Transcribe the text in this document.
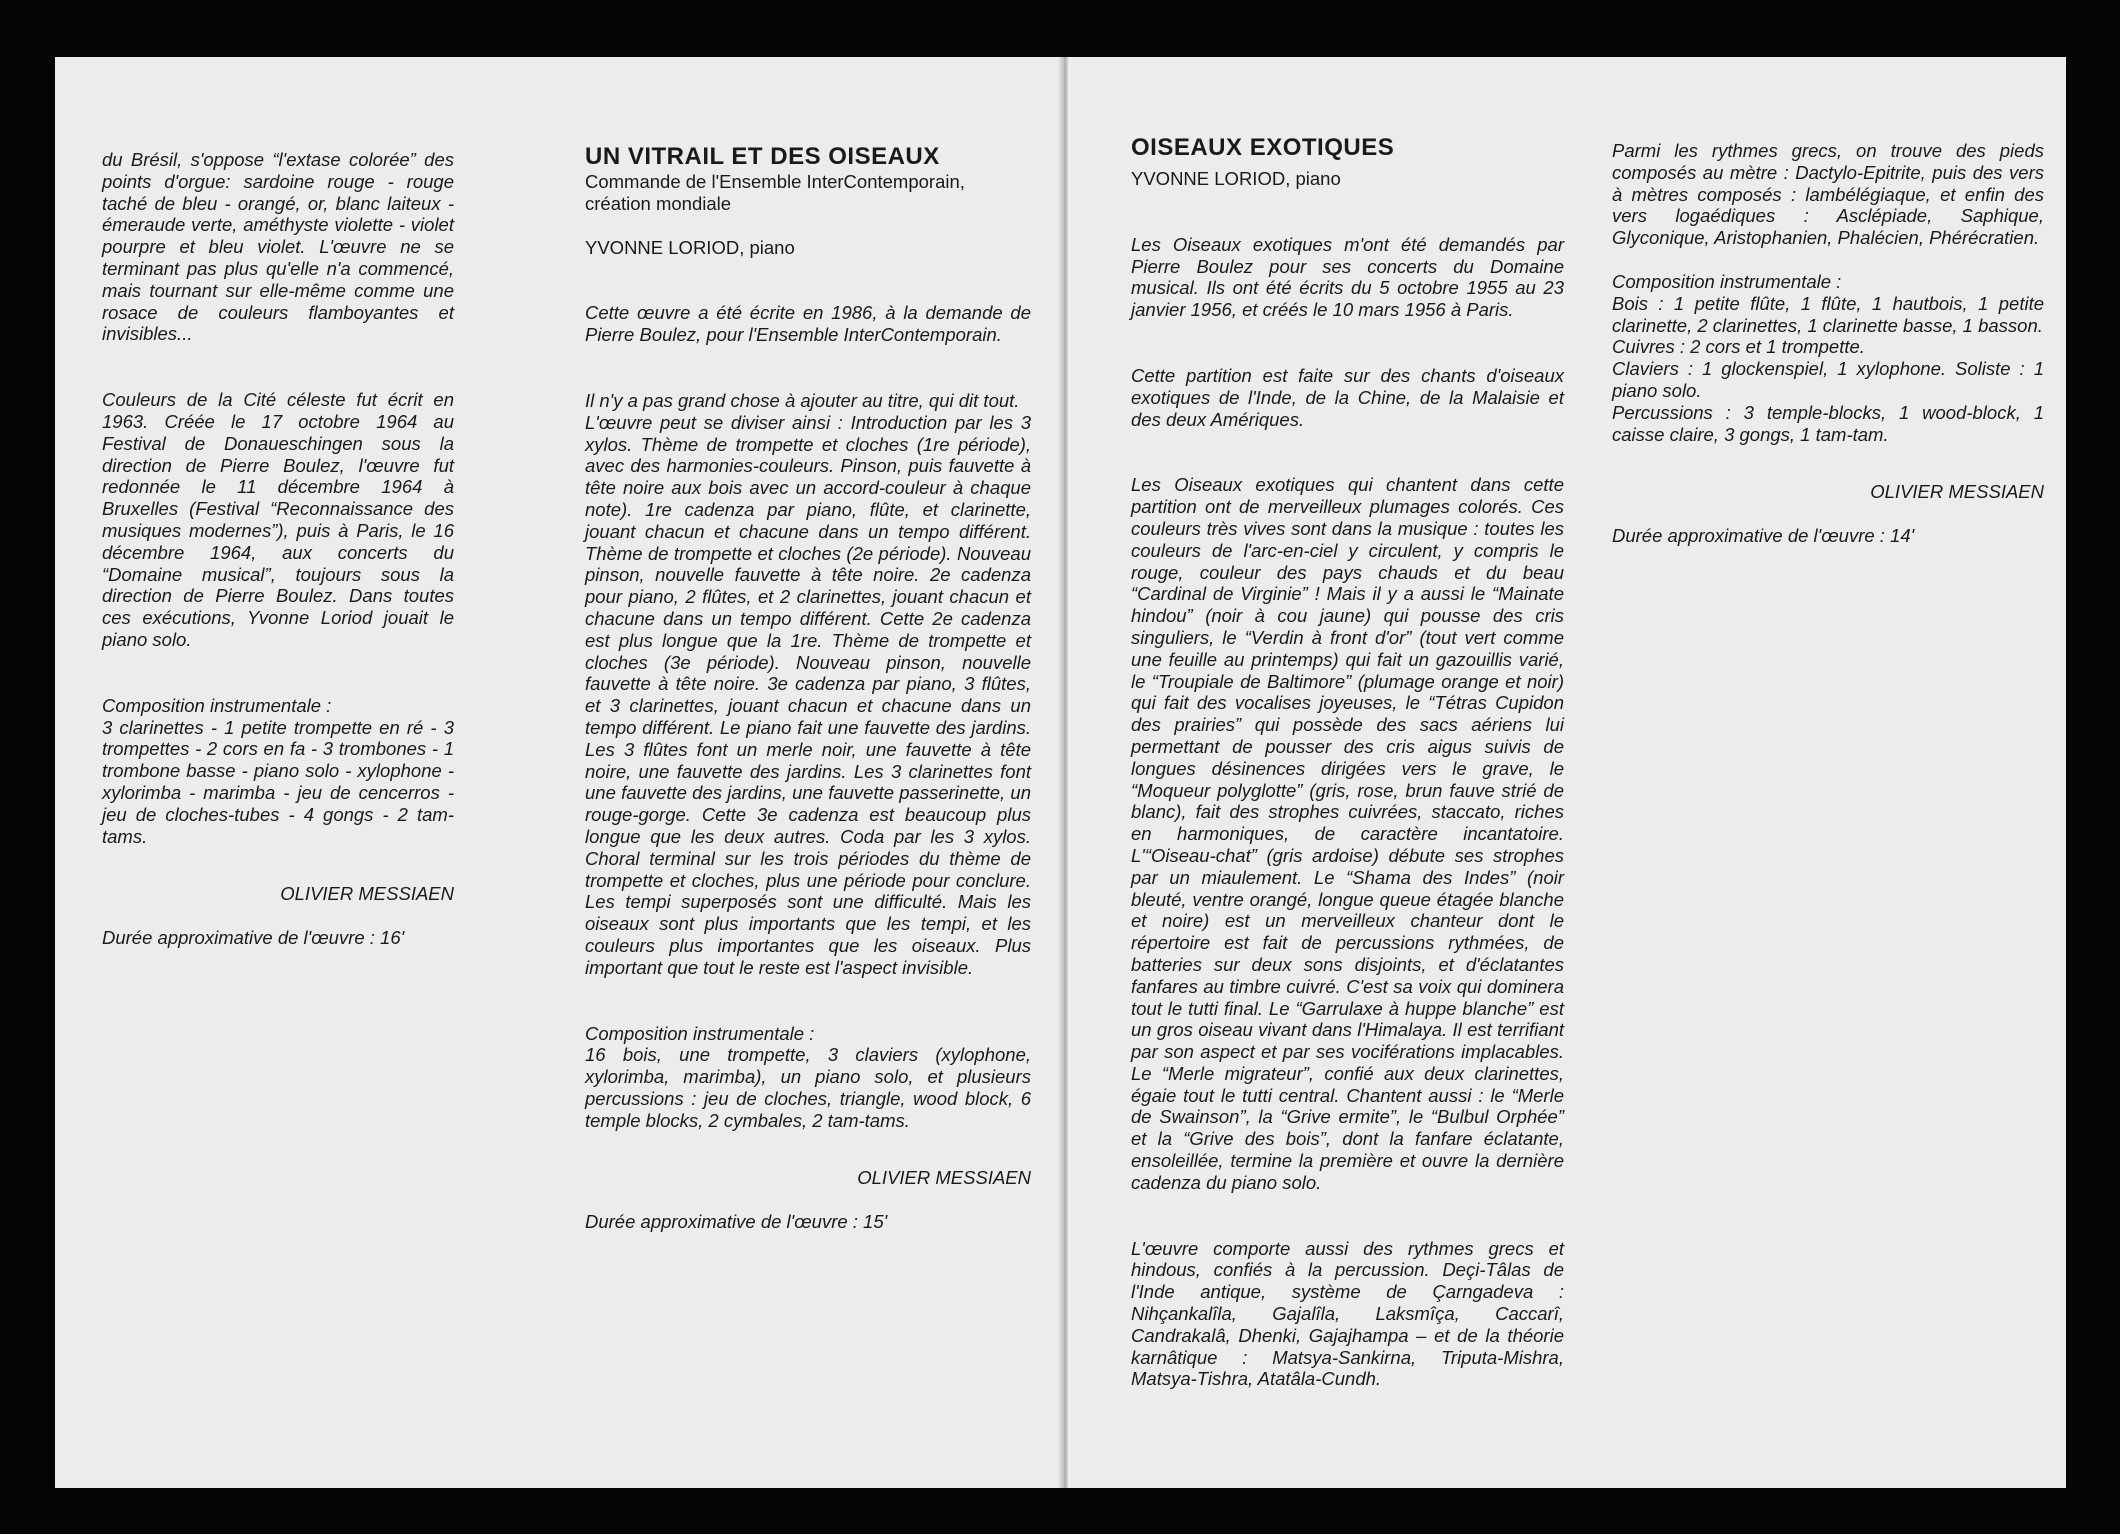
du Brésil, s'oppose “l'extase colorée” des points d'orgue: sardoine rouge - rouge taché de bleu - orangé, or, blanc laiteux - émeraude verte, améthyste violette - violet pourpre et bleu violet. L'œuvre ne se terminant pas plus qu'elle n'a commencé, mais tournant sur elle-même comme une rosace de couleurs flamboyantes et invisibles...

Couleurs de la Cité céleste fut écrit en 1963. Créée le 17 octobre 1964 au Festival de Donaueschingen sous la direction de Pierre Boulez, l'œuvre fut redonnée le 11 décembre 1964 à Bruxelles (Festival “Reconnaissance des musiques modernes”), puis à Paris, le 16 décembre 1964, aux concerts du “Domaine musical”, toujours sous la direction de Pierre Boulez. Dans toutes ces exécutions, Yvonne Loriod jouait le piano solo.

Composition instrumentale :

3 clarinettes - 1 petite trompette en ré - 3 trompettes - 2 cors en fa - 3 trombones - 1 trombone basse - piano solo - xylophone - xylorimba - marimba - jeu de cencerros - jeu de cloches-tubes - 4 gongs - 2 tam-tams.

OLIVIER MESSIAEN

Durée approximative de l'œuvre : 16'

UN VITRAIL ET DES OISEAUX

Commande de l'Ensemble InterContemporain, création mondiale

YVONNE LORIOD, piano

Cette œuvre a été écrite en 1986, à la demande de Pierre Boulez, pour l'Ensemble InterContemporain.

Il n'y a pas grand chose à ajouter au titre, qui dit tout.

L'œuvre peut se diviser ainsi : Introduction par les 3 xylos. Thème de trompette et cloches (1re période), avec des harmonies-couleurs. Pinson, puis fauvette à tête noire aux bois avec un accord-couleur à chaque note). 1re cadenza par piano, flûte, et clarinette, jouant chacun et chacune dans un tempo différent. Thème de trompette et cloches (2e période). Nouveau pinson, nouvelle fauvette à tête noire. 2e cadenza pour piano, 2 flûtes, et 2 clarinettes, jouant chacun et chacune dans un tempo différent. Cette 2e cadenza est plus longue que la 1re. Thème de trompette et cloches (3e période). Nouveau pinson, nouvelle fauvette à tête noire. 3e cadenza par piano, 3 flûtes, et 3 clarinettes, jouant chacun et chacune dans un tempo différent. Le piano fait une fauvette des jardins. Les 3 flûtes font un merle noir, une fauvette à tête noire, une fauvette des jardins. Les 3 clarinettes font une fauvette des jardins, une fauvette passerinette, un rouge-gorge. Cette 3e cadenza est beaucoup plus longue que les deux autres. Coda par les 3 xylos. Choral terminal sur les trois périodes du thème de trompette et cloches, plus une période pour conclure. Les tempi superposés sont une difficulté. Mais les oiseaux sont plus importants que les tempi, et les couleurs plus importantes que les oiseaux. Plus important que tout le reste est l'aspect invisible.

Composition instrumentale :

16 bois, une trompette, 3 claviers (xylophone, xylorimba, marimba), un piano solo, et plusieurs percussions : jeu de cloches, triangle, wood block, 6 temple blocks, 2 cymbales, 2 tam-tams.

OLIVIER MESSIAEN

Durée approximative de l'œuvre : 15'

OISEAUX EXOTIQUES

YVONNE LORIOD, piano

Les Oiseaux exotiques m'ont été demandés par Pierre Boulez pour ses concerts du Domaine musical. Ils ont été écrits du 5 octobre 1955 au 23 janvier 1956, et créés le 10 mars 1956 à Paris.

Cette partition est faite sur des chants d'oiseaux exotiques de l'Inde, de la Chine, de la Malaisie et des deux Amériques.

Les Oiseaux exotiques qui chantent dans cette partition ont de merveilleux plumages colorés. Ces couleurs très vives sont dans la musique : toutes les couleurs de l'arc-en-ciel y circulent, y compris le rouge, couleur des pays chauds et du beau “Cardinal de Virginie” ! Mais il y a aussi le “Mainate hindou” (noir à cou jaune) qui pousse des cris singuliers, le “Verdin à front d'or” (tout vert comme une feuille au printemps) qui fait un gazouillis varié, le “Troupiale de Baltimore” (plumage orange et noir) qui fait des vocalises joyeuses, le “Tétras Cupidon des prairies” qui possède des sacs aériens lui permettant de pousser des cris aigus suivis de longues désinences dirigées vers le grave, le “Moqueur polyglotte” (gris, rose, brun fauve strié de blanc), fait des strophes cuivrées, staccato, riches en harmoniques, de caractère incantatoire. L'“Oiseau-chat” (gris ardoise) débute ses strophes par un miaulement. Le “Shama des Indes” (noir bleuté, ventre orangé, longue queue étagée blanche et noire) est un merveilleux chanteur dont le répertoire est fait de percussions rythmées, de batteries sur deux sons disjoints, et d'éclatantes fanfares au timbre cuivré. C'est sa voix qui dominera tout le tutti final. Le “Garrulaxe à huppe blanche” est un gros oiseau vivant dans l'Himalaya. Il est terrifiant par son aspect et par ses vociférations implacables. Le “Merle migrateur”, confié aux deux clarinettes, égaie tout le tutti central. Chantent aussi : le “Merle de Swainson”, la “Grive ermite”, le “Bulbul Orphée” et la “Grive des bois”, dont la fanfare éclatante, ensoleillée, termine la première et ouvre la dernière cadenza du piano solo.

L'œuvre comporte aussi des rythmes grecs et hindous, confiés à la percussion. Deçi-Tâlas de l'Inde antique, système de Çarngadeva : Nihçankalîla, Gajalîla, Laksmîça, Caccarî, Candrakalâ, Dhenki, Gajajhampa – et de la théorie karnâtique : Matsya-Sankirna, Triputa-Mishra, Matsya-Tishra, Atatâla-Cundh.

Parmi les rythmes grecs, on trouve des pieds composés au mètre : Dactylo-Epitrite, puis des vers à mètres composés : lambélégiaque, et enfin des vers logaédiques : Asclépiade, Saphique, Glyconique, Aristophanien, Phalécien, Phérécratien.

Composition instrumentale :

Bois : 1 petite flûte, 1 flûte, 1 hautbois, 1 petite clarinette, 2 clarinettes, 1 clarinette basse, 1 basson.

Cuivres : 2 cors et 1 trompette.

Claviers : 1 glockenspiel, 1 xylophone. Soliste : 1 piano solo.

Percussions : 3 temple-blocks, 1 wood-block, 1 caisse claire, 3 gongs, 1 tam-tam.

OLIVIER MESSIAEN

Durée approximative de l'œuvre : 14'
